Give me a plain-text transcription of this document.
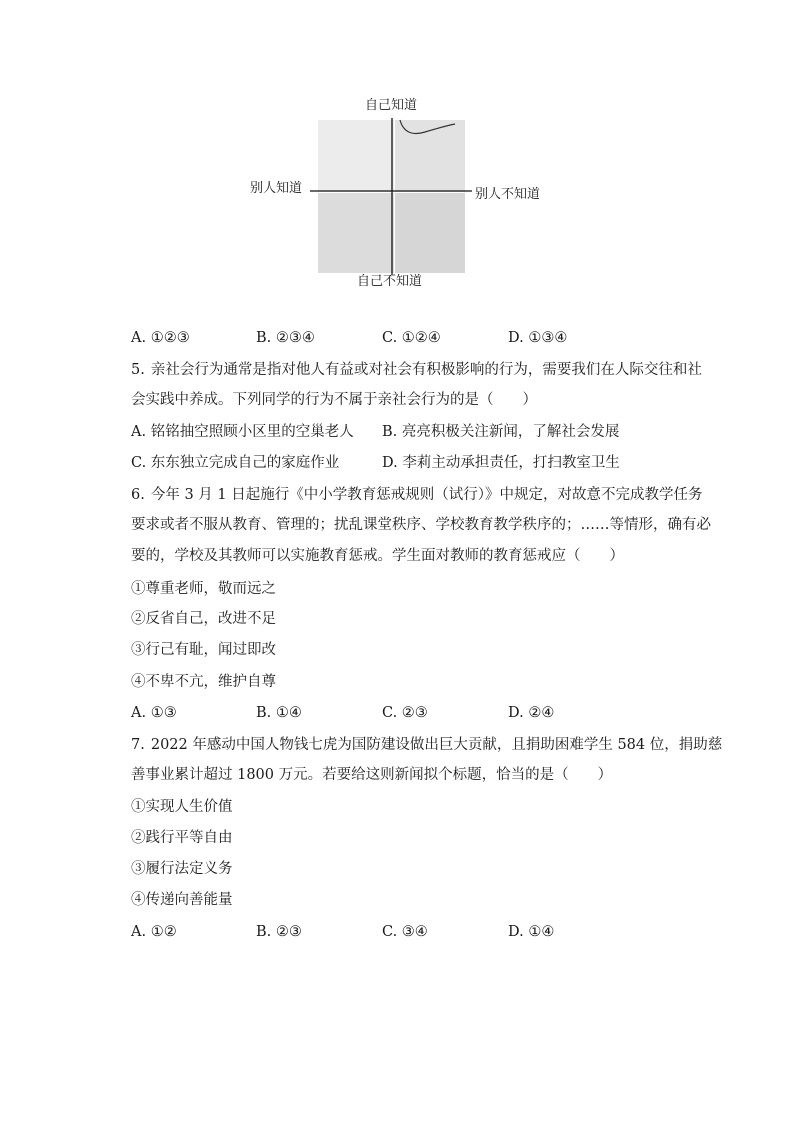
自己知道
自己不知道
别人知道	别人不知道
A. ①②③	B. ②③④	C. ①②④	D. ①③④
5. 亲社会行为通常是指对他人有益或对社会有积极影响的行为，需要我们在人际交往和社
会实践中养成。下列同学的行为不属于亲社会行为的是（　　）
A. 铭铭抽空照顾小区里的空巢老人 B. 亮亮积极关注新闻，了解社会发展
C. 东东独立完成自己的家庭作业	D. 李莉主动承担责任，打扫教室卫生
6. 今年 3 月 1 日起施行《中小学教育惩戒规则（试行）》中规定，对故意不完成教学任务
要求或者不服从教育、管理的；扰乱课堂秩序、学校教育教学秩序的；……等情形，确有必
要的，学校及其教师可以实施教育惩戒。学生面对教师的教育惩戒应（　　）
①尊重老师，敬而远之
②反省自己，改进不足
③行己有耻，闻过即改
④不卑不亢，维护自尊
A. ①③	B. ①④	C. ②③	D. ②④
7. 2022 年感动中国人物钱七虎为国防建设做出巨大贡献，且捐助困难学生 584 位，捐助慈
善事业累计超过 1800 万元。若要给这则新闻拟个标题，恰当的是（　　）
①实现人生价值
②践行平等自由
③履行法定义务
④传递向善能量
A. ①②	B. ②③	C. ③④	D. ①④
